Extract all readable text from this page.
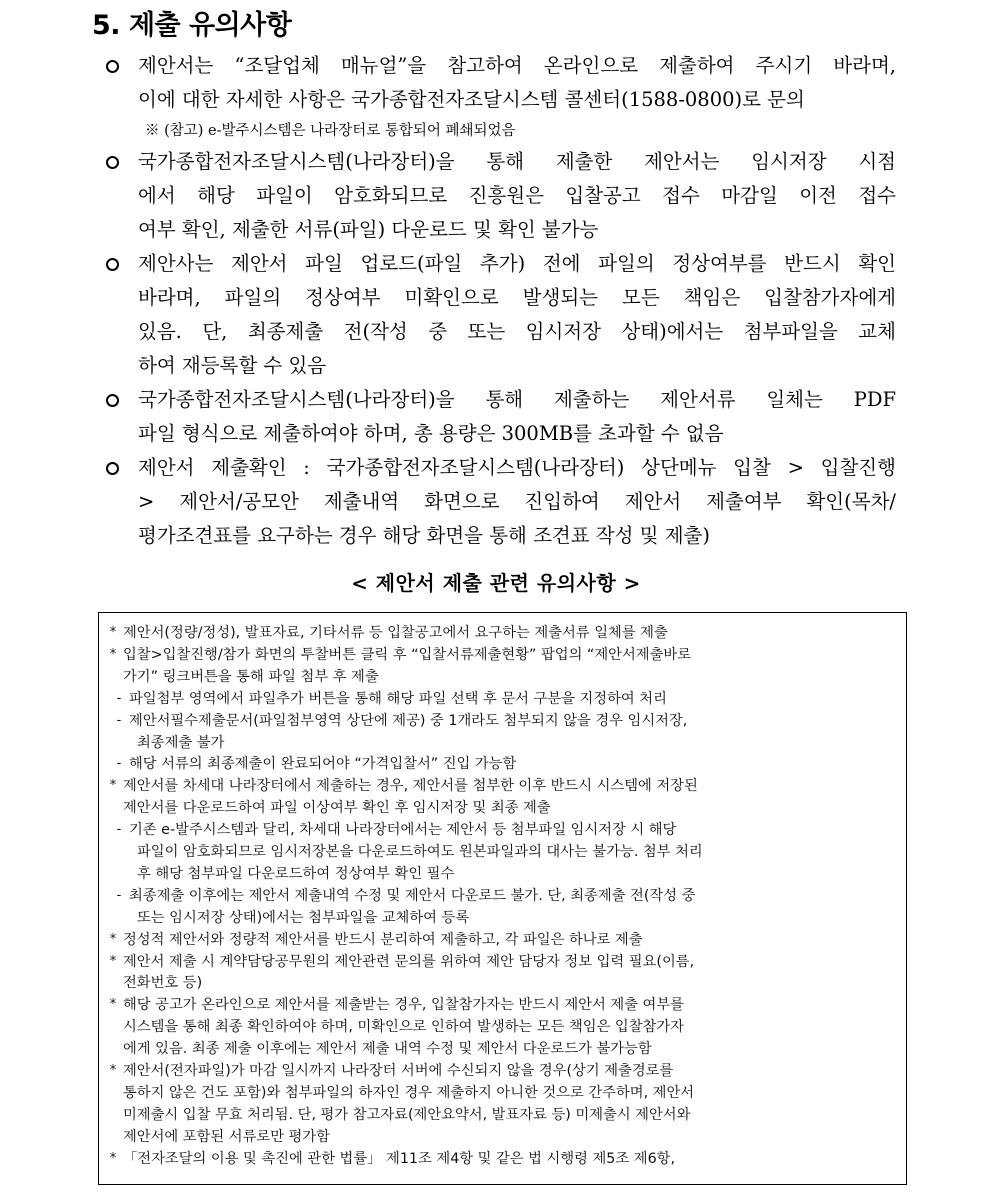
5. 제출 유의사항
제안서는 “조달업체 매뉴얼”을 참고하여 온라인으로 제출하여 주시기 바라며,
이에 대한 자세한 사항은 국가종합전자조달시스템 콜센터(1588-0800)로 문의
※ (참고) e-발주시스템은 나라장터로 통합되어 폐쇄되었음
국가종합전자조달시스템(나라장터)을 통해 제출한 제안서는 임시저장 시점
에서 해당 파일이 암호화되므로 진흥원은 입찰공고 접수 마감일 이전 접수
여부 확인, 제출한 서류(파일) 다운로드 및 확인 불가능
제안사는 제안서 파일 업로드(파일 추가) 전에 파일의 정상여부를 반드시 확인
바라며, 파일의 정상여부 미확인으로 발생되는 모든 책임은 입찰참가자에게
있음. 단, 최종제출 전(작성 중 또는 임시저장 상태)에서는 첨부파일을 교체
하여 재등록할 수 있음
국가종합전자조달시스템(나라장터)을 통해 제출하는 제안서류 일체는 PDF
파일 형식으로 제출하여야 하며, 총 용량은 300MB를 초과할 수 없음
제안서 제출확인 : 국가종합전자조달시스템(나라장터) 상단메뉴 입찰 > 입찰진행
> 제안서/공모안 제출내역 화면으로 진입하여 제안서 제출여부 확인(목차/
평가조견표를 요구하는 경우 해당 화면을 통해 조견표 작성 및 제출)
< 제안서 제출 관련 유의사항 >
* 제안서(정량/정성), 발표자료, 기타서류 등 입찰공고에서 요구하는 제출서류 일체를 제출
* 입찰>입찰진행/참가 화면의 투찰버튼 클릭 후 “입찰서류제출현황” 팝업의 “제안서제출바로
가기” 링크버튼을 통해 파일 첨부 후 제출
- 파일첨부 영역에서 파일추가 버튼을 통해 해당 파일 선택 후 문서 구분을 지정하여 처리
- 제안서필수제출문서(파일첨부영역 상단에 제공) 중 1개라도 첨부되지 않을 경우 임시저장,
최종제출 불가
- 해당 서류의 최종제출이 완료되어야 “가격입찰서” 진입 가능함
* 제안서를 차세대 나라장터에서 제출하는 경우, 제안서를 첨부한 이후 반드시 시스템에 저장된
제안서를 다운로드하여 파일 이상여부 확인 후 임시저장 및 최종 제출
- 기존 e-발주시스템과 달리, 차세대 나라장터에서는 제안서 등 첨부파일 임시저장 시 해당
파일이 암호화되므로 임시저장본을 다운로드하여도 원본파일과의 대사는 불가능. 첨부 처리
후 해당 첨부파일 다운로드하여 정상여부 확인 필수
- 최종제출 이후에는 제안서 제출내역 수정 및 제안서 다운로드 불가. 단, 최종제출 전(작성 중
또는 임시저장 상태)에서는 첨부파일을 교체하여 등록
* 정성적 제안서와 정량적 제안서를 반드시 분리하여 제출하고, 각 파일은 하나로 제출
* 제안서 제출 시 계약담당공무원의 제안관련 문의를 위하여 제안 담당자 정보 입력 필요(이름,
전화번호 등)
* 해당 공고가 온라인으로 제안서를 제출받는 경우, 입찰참가자는 반드시 제안서 제출 여부를
시스템을 통해 최종 확인하여야 하며, 미확인으로 인하여 발생하는 모든 책임은 입찰참가자
에게 있음. 최종 제출 이후에는 제안서 제출 내역 수정 및 제안서 다운로드가 불가능함
* 제안서(전자파일)가 마감 일시까지 나라장터 서버에 수신되지 않을 경우(상기 제출경로를
통하지 않은 건도 포함)와 첨부파일의 하자인 경우 제출하지 아니한 것으로 간주하며, 제안서
미제출시 입찰 무효 처리됨. 단, 평가 참고자료(제안요약서, 발표자료 등) 미제출시 제안서와
제안서에 포함된 서류로만 평가함
* 「전자조달의 이용 및 촉진에 관한 법률」 제11조 제4항 및 같은 법 시행령 제5조 제6항,
